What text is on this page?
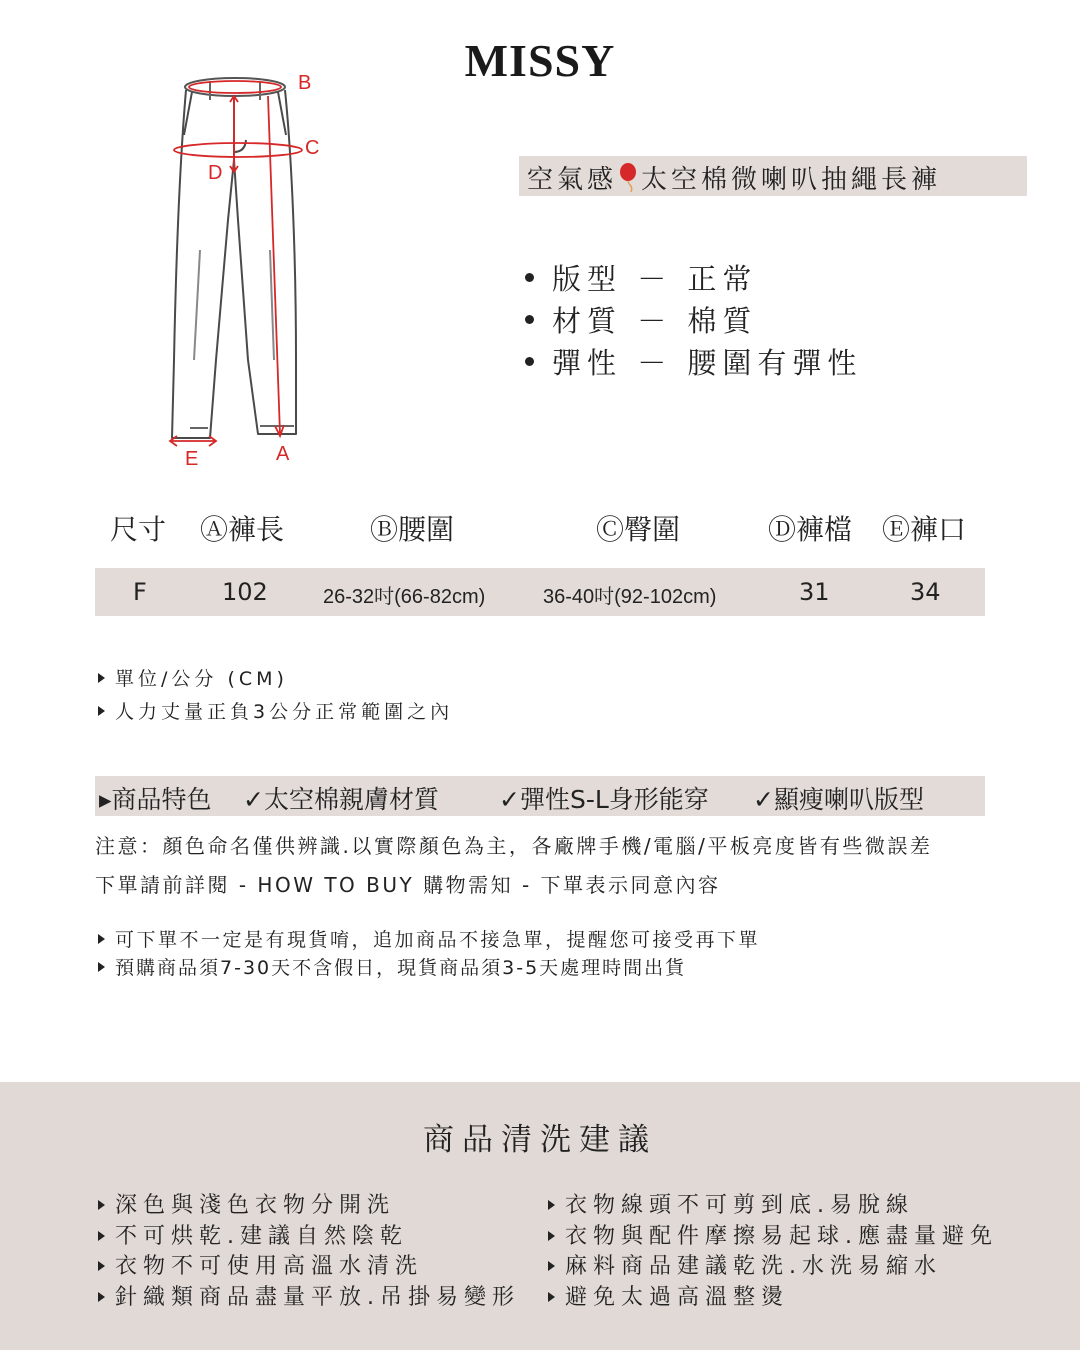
MISSY
B
C
D
E	A
空氣感 太空棉微喇叭抽繩長褲
版型 － 正常
材質 － 棉質
彈性 － 腰圍有彈性
尺寸 Ⓐ褲長	Ⓑ腰圍	Ⓒ臀圍	Ⓓ褲檔 Ⓔ褲口
F	102	26-32吋(66-82cm)	36-40吋(92-102cm)	31	34
單位/公分 (CM)
人力丈量正負3公分正常範圍之內
▸商品特色 ✓太空棉親膚材質 ✓彈性S-L身形能穿 ✓顯瘦喇叭版型
注意：顏色命名僅供辨識.以實際顏色為主，各廠牌手機/電腦/平板亮度皆有些微誤差
下單請前詳閱 - HOW TO BUY 購物需知 - 下單表示同意內容
可下單不一定是有現貨唷，追加商品不接急單，提醒您可接受再下單
預購商品須7-30天不含假日，現貨商品須3-5天處理時間出貨
商品清洗建議
深色與淺色衣物分開洗
不可烘乾.建議自然陰乾
衣物不可使用高溫水清洗
針織類商品盡量平放.吊掛易變形
衣物線頭不可剪到底.易脫線
衣物與配件摩擦易起球.應盡量避免
麻料商品建議乾洗.水洗易縮水
避免太過高溫整燙
